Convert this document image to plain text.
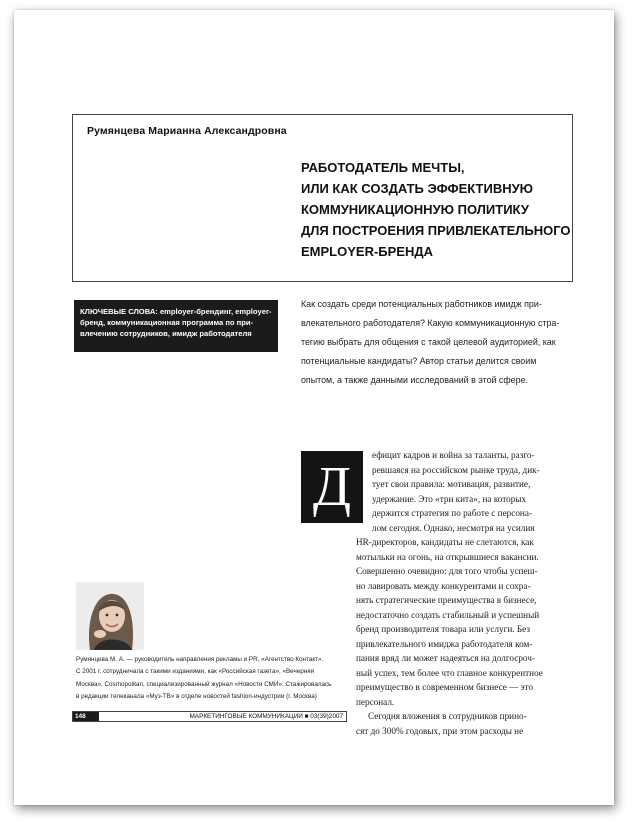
Румянцева Марианна Александровна
РАБОТОДАТЕЛЬ МЕЧТЫ,
ИЛИ КАК СОЗДАТЬ ЭФФЕКТИВНУЮ
КОММУНИКАЦИОННУЮ ПОЛИТИКУ
ДЛЯ ПОСТРОЕНИЯ ПРИВЛЕКАТЕЛЬНОГО
EMPLOYER-БРЕНДА
КЛЮЧЕВЫЕ СЛОВА: employer-брендинг, employer-
бренд, коммуникационная программа по при-
влечению сотрудников, имидж работодателя
Как создать среди потенциальных работников имидж при-
влекательного работодателя? Какую коммуникационную стра-
тегию выбрать для общения с такой целевой аудиторией, как
потенциальные кандидаты? Автор статьи делится своим
опытом, а также данными исследований в этой сфере.
Д
ефицит кадров и война за таланты, разго-
ревшаяся на российском рынке труда, дик-
тует свои правила: мотивация, развитие,
удержание. Это «три кита», на которых
держится стратегия по работе с персона-
лом сегодня. Однако, несмотря на усилия
HR-директоров, кандидаты не слетаются, как
мотыльки на огонь, на открывшиеся вакансии.
Совершенно очевидно: для того чтобы успеш-
но лавировать между конкурентами и сохра-
нять стратегические преимущества в бизнесе,
недостаточно создать стабильный и успешный
бренд производителя товара или услуги. Без
привлекательного имиджа работодателя ком-
пания вряд ли может надеяться на долгосроч-
ный успех, тем более что главное конкурентное
преимущество в современном бизнесе — это
персонал.
Сегодня вложения в сотрудников прино-
сят до 300% годовых, при этом расходы не
Румянцева М. А. — руководитель направления рекламы и PR, «Агентство Контакт».
С 2001 г. сотрудничала с такими изданиями, как «Российская газета», «Вечерняя
Москва», Cosmopolitan, специализированный журнал «Новости СМИ». Стажировалась
в редакции телеканала «Муз-ТВ» в отделе новостей fashion-индустрии (г. Москва)
148	МАРКЕТИНГОВЫЕ КОММУНИКАЦИИ ■ 03(39)2007
